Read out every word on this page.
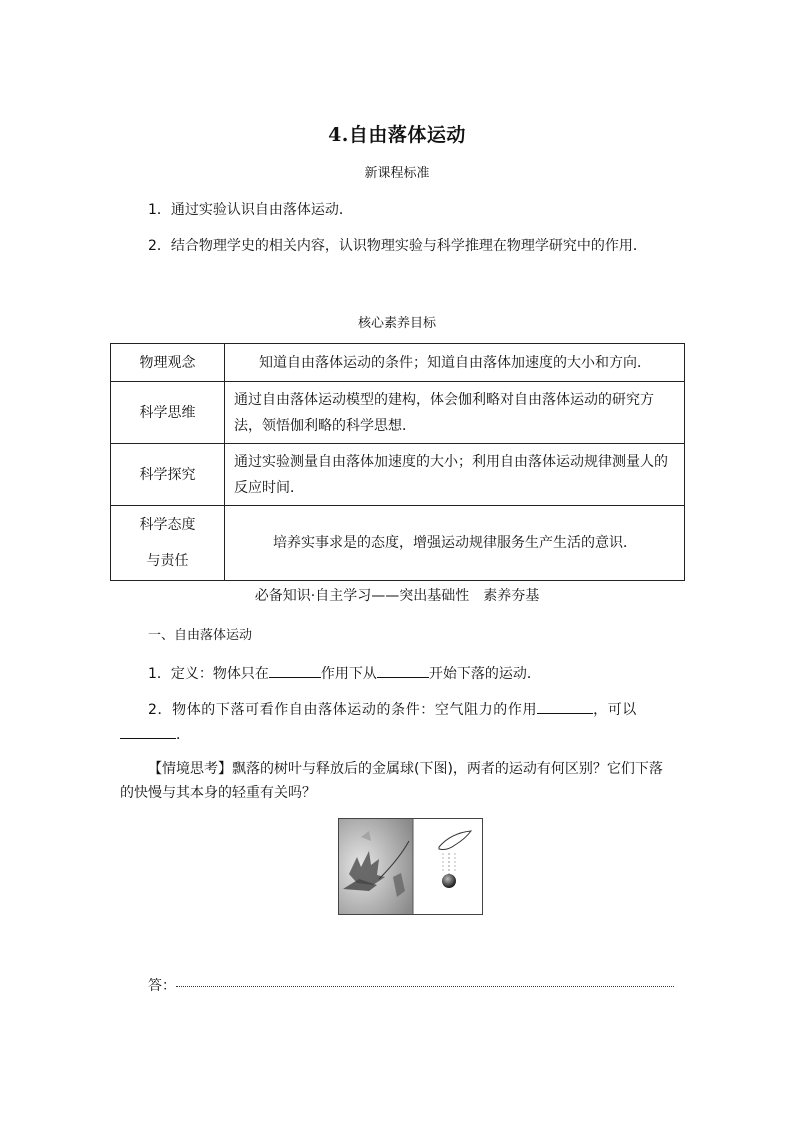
4.自由落体运动
新课程标准
1．通过实验认识自由落体运动．
2．结合物理学史的相关内容，认识物理实验与科学推理在物理学研究中的作用．
核心素养目标
物理观念	知道自由落体运动的条件；知道自由落体加速度的大小和方向．
科学思维	通过自由落体运动模型的建构，体会伽利略对自由落体运动的研究方法，领悟伽利略的科学思想．
科学探究	通过实验测量自由落体加速度的大小；利用自由落体运动规律测量人的反应时间．

科学态度
与责任	培养实事求是的态度，增强运动规律服务生产生活的意识．
必备知识·自主学习——突出基础性　素养夯基
一、自由落体运动
1．定义：物体只在	作用下从	开始下落的运动．
2．物体的下落可看作自由落体运动的条件：空气阻力的作用	，可以
．
【情境思考】飘落的树叶与释放后的金属球(下图)，两者的运动有何区别？它们下落
的快慢与其本身的轻重有关吗？
答：
